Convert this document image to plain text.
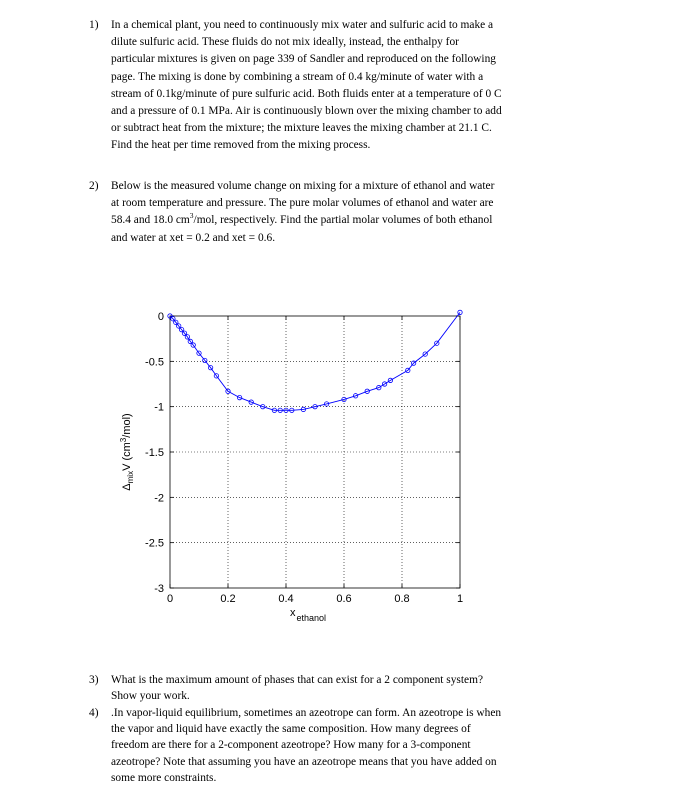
1) In a chemical plant, you need to continuously mix water and sulfuric acid to make a
dilute sulfuric acid. These fluids do not mix ideally, instead, the enthalpy for
particular mixtures is given on page 339 of Sandler and reproduced on the following
page. The mixing is done by combining a stream of 0.4 kg/minute of water with a
stream of 0.1kg/minute of pure sulfuric acid. Both fluids enter at a temperature of 0 C
and a pressure of 0.1 MPa. Air is continuously blown over the mixing chamber to add
or subtract heat from the mixture; the mixture leaves the mixing chamber at 21.1 C.
Find the heat per time removed from the mixing process.
2) Below is the measured volume change on mixing for a mixture of ethanol and water
at room temperature and pressure. The pure molar volumes of ethanol and water are
58.4 and 18.0 $cm^3$/mol, respectively. Find the partial molar volumes of both ethanol
and water at xet = 0.2 and xet = 0.6.
0	0.2	0.4	0.6	0.8	1
0
-0.5
-1
-1.5
-2
-2.5
-3
$x_{ethanol}$
$\Delta_{mix}V$ $(cm^3/mol)$
Δ_mix V (cm^3/mol)
3) What is the maximum amount of phases that can exist for a 2 component system?
Show your work.
4) .In vapor-liquid equilibrium, sometimes an azeotrope can form. An azeotrope is when
the vapor and liquid have exactly the same composition. How many degrees of
freedom are there for a 2-component azeotrope? How many for a 3-component
azeotrope? Note that assuming you have an azeotrope means that you have added on
some more constraints.
